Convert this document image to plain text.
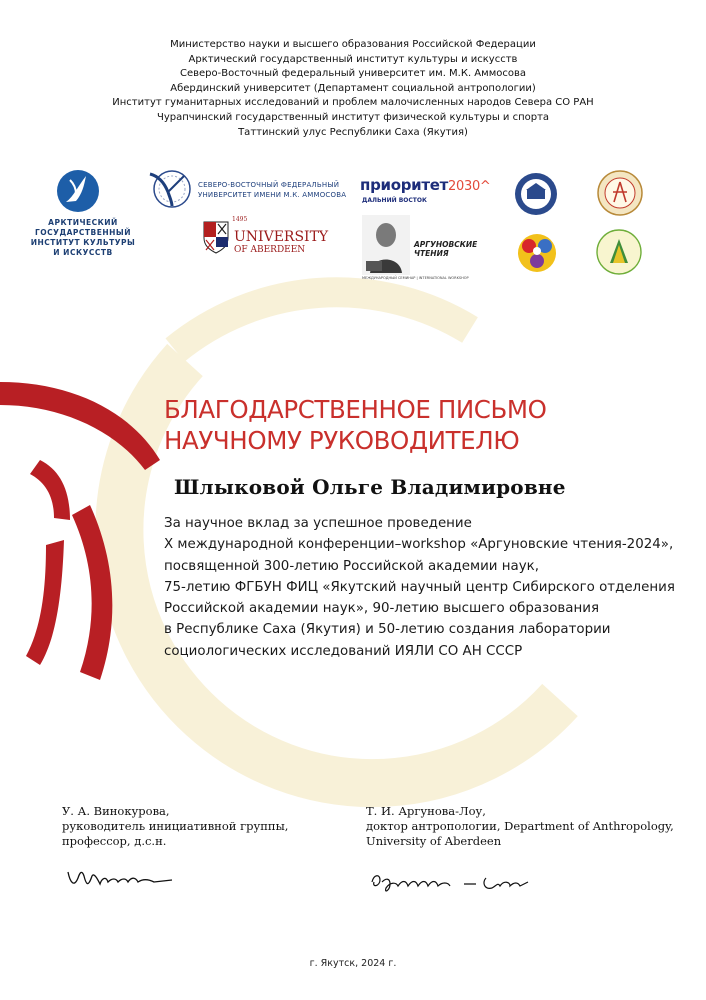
Министерство науки и высшего образования Российской Федерации
Арктический государственный институт культуры и искусств
Северо-Восточный федеральный университет им. М.К. Аммосова
Абердинский университет (Департамент социальной антропологии)
Институт гуманитарных исследований и проблем малочисленных народов Севера СО РАН
Чурапчинский государственный институт физической культуры и спорта
Таттинский улус Республики Саха (Якутия)
АРКТИЧЕСКИЙ
ГОСУДАРСТВЕННЫЙ
ИНСТИТУТ КУЛЬТУРЫ
И ИСКУССТВ
СЕВЕРО-ВОСТОЧНЫЙ ФЕДЕРАЛЬНЫЙ
УНИВЕРСИТЕТ ИМЕНИ М.К. АММОСОВА
1495
UNIVERSITY
OF ABERDEEN
приоритет2030^
ДАЛЬНИЙ ВОСТОК
АРГУНОВСКИЕ
ЧТЕНИЯ
МЕЖДУНАРОДНЫЙ СЕМИНАР | INTERNATIONAL WORKSHOP
БЛАГОДАРСТВЕННОЕ ПИСЬМО
НАУЧНОМУ РУКОВОДИТЕЛЮ
Шлыковой Ольге Владимировне
За научное вклад за успешное проведение
X международной конференции–workshop «Аргуновские чтения-2024»,
посвященной 300-летию Российской академии наук,
75-летию ФГБУН ФИЦ «Якутский научный центр Сибирского отделения
Российской академии наук», 90-летию высшего образования
в Республике Саха (Якутия) и 50-летию создания лаборатории
социологических исследований ИЯЛИ СО АН СССР
У. А. Винокурова,
руководитель инициативной группы,
профессор, д.с.н.
Т. И. Аргунова-Лоу,
доктор антропологии, Department of Anthropology,
University of Aberdeen
г. Якутск, 2024 г.
